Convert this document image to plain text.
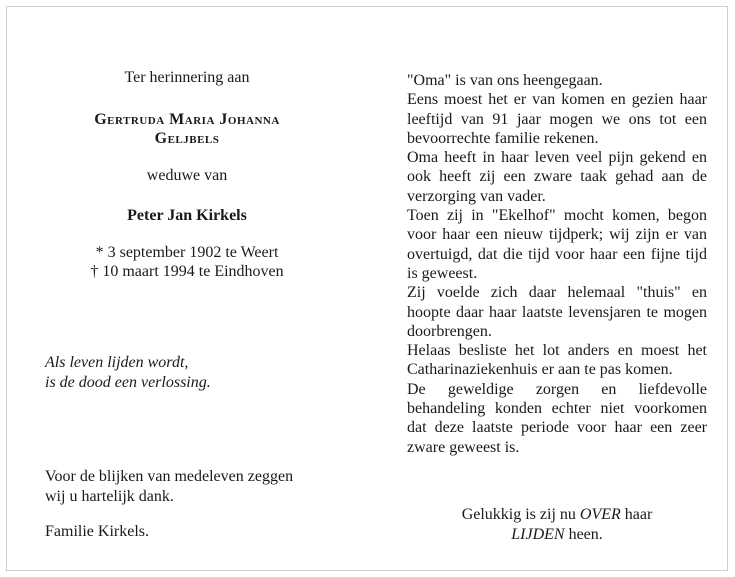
Ter herinnering aan
Gertruda Maria Johanna
Geljbels
weduwe van
Peter Jan Kirkels
* 3 september 1902 te Weert
† 10 maart 1994 te Eindhoven
Als leven lijden wordt,
is de dood een verlossing.
Voor de blijken van medeleven zeggen
wij u hartelijk dank.
Familie Kirkels.

"Oma" is van ons heengegaan.

Eens moest het er van komen en gezien haar leeftijd van 91 jaar mogen we ons tot een bevoorrechte familie rekenen.

Oma heeft in haar leven veel pijn gekend en ook heeft zij een zware taak gehad aan de verzorging van vader.

Toen zij in "Ekelhof" mocht komen, begon voor haar een nieuw tijdperk; wij zijn er van overtuigd, dat die tijd voor haar een fijne tijd is geweest.

Zij voelde zich daar helemaal "thuis" en hoopte daar haar laatste levensjaren te mogen doorbrengen.

Helaas besliste het lot anders en moest het Catharinaziekenhuis er aan te pas komen.

De geweldige zorgen en liefdevolle behandeling konden echter niet voorkomen dat deze laatste periode voor haar een zeer zware geweest is.

Gelukkig is zij nu OVER haar
LIJDEN heen.
